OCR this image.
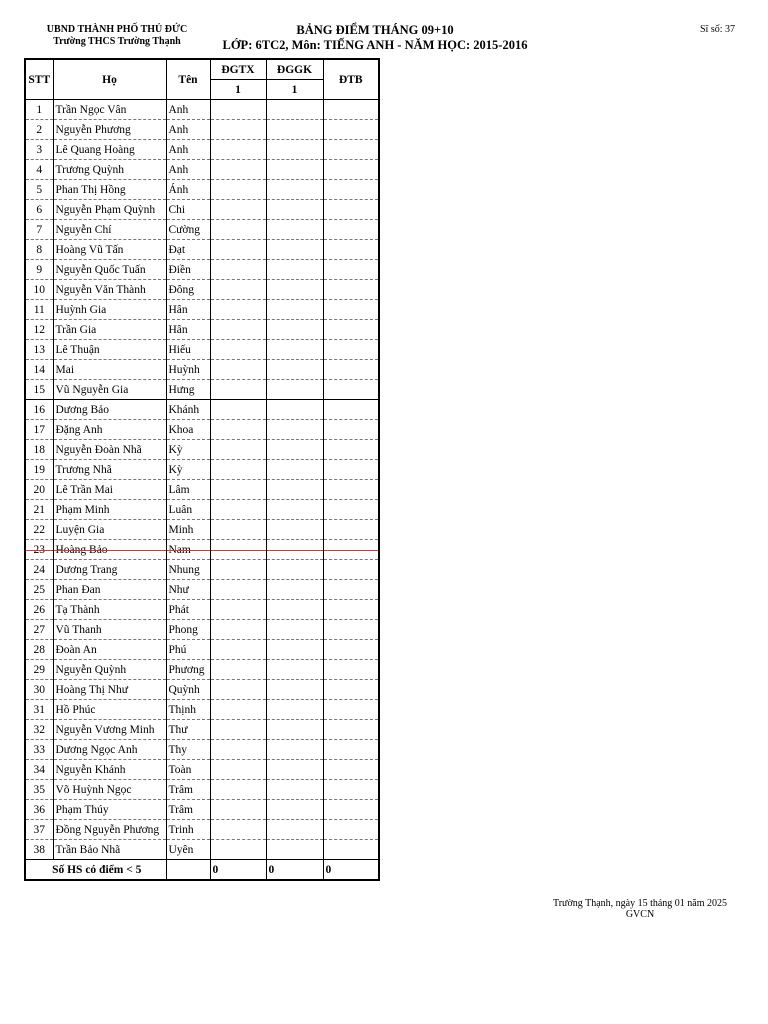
UBND THÀNH PHỐ THỦ ĐỨC
Trường THCS Trường Thạnh
BẢNG ĐIỂM THÁNG 09+10
LỚP: 6TC2, Môn: TIẾNG ANH - NĂM HỌC: 2015-2016
Sĩ số: 37
STT	Họ	Tên	ĐGTX	ĐGGK	ĐTB
			1	1	
1	Trần Ngọc Vân	Anh			
2	Nguyễn Phương	Anh			
3	Lê Quang Hoàng	Anh			
4	Trương Quỳnh	Anh			
5	Phan Thị Hồng	Ánh			
6	Nguyễn Phạm Quỳnh	Chi			
7	Nguyễn Chí	Cường			
8	Hoàng Vũ Tấn	Đạt			
9	Nguyễn Quốc Tuấn	Điền			
10	Nguyễn Văn Thành	Đông			
11	Huỳnh Gia	Hân			
12	Trần Gia	Hân			
13	Lê Thuận	Hiếu			
14	Mai	Huỳnh			
15	Vũ Nguyễn Gia	Hưng			
16	Dương Bảo	Khánh			
17	Đặng Anh	Khoa			
18	Nguyễn Đoàn Nhã	Kỳ			
19	Trương Nhã	Kỳ			
20	Lê Trần Mai	Lâm			
21	Phạm Minh	Luân			
22	Luyện Gia	Minh			
23	Hoàng Bảo	Nam			
24	Dương Trang	Nhung			
25	Phan Đan	Như			
26	Tạ Thành	Phát			
27	Vũ Thanh	Phong			
28	Đoàn An	Phú			
29	Nguyễn Quỳnh	Phương			
30	Hoàng Thị Như	Quỳnh			
31	Hồ Phúc	Thịnh			
32	Nguyễn Vương Minh	Thư			
33	Dương Ngọc Anh	Thy			
34	Nguyễn Khánh	Toàn			
35	Võ Huỳnh Ngọc	Trâm			
36	Phạm Thúy	Trâm			
37	Đồng Nguyễn Phương	Trinh			
38	Trần Bảo Nhã	Uyên			
Số HS có điểm < 5			0	0	0
Trường Thạnh, ngày 15 tháng 01 năm 2025
GVCN
